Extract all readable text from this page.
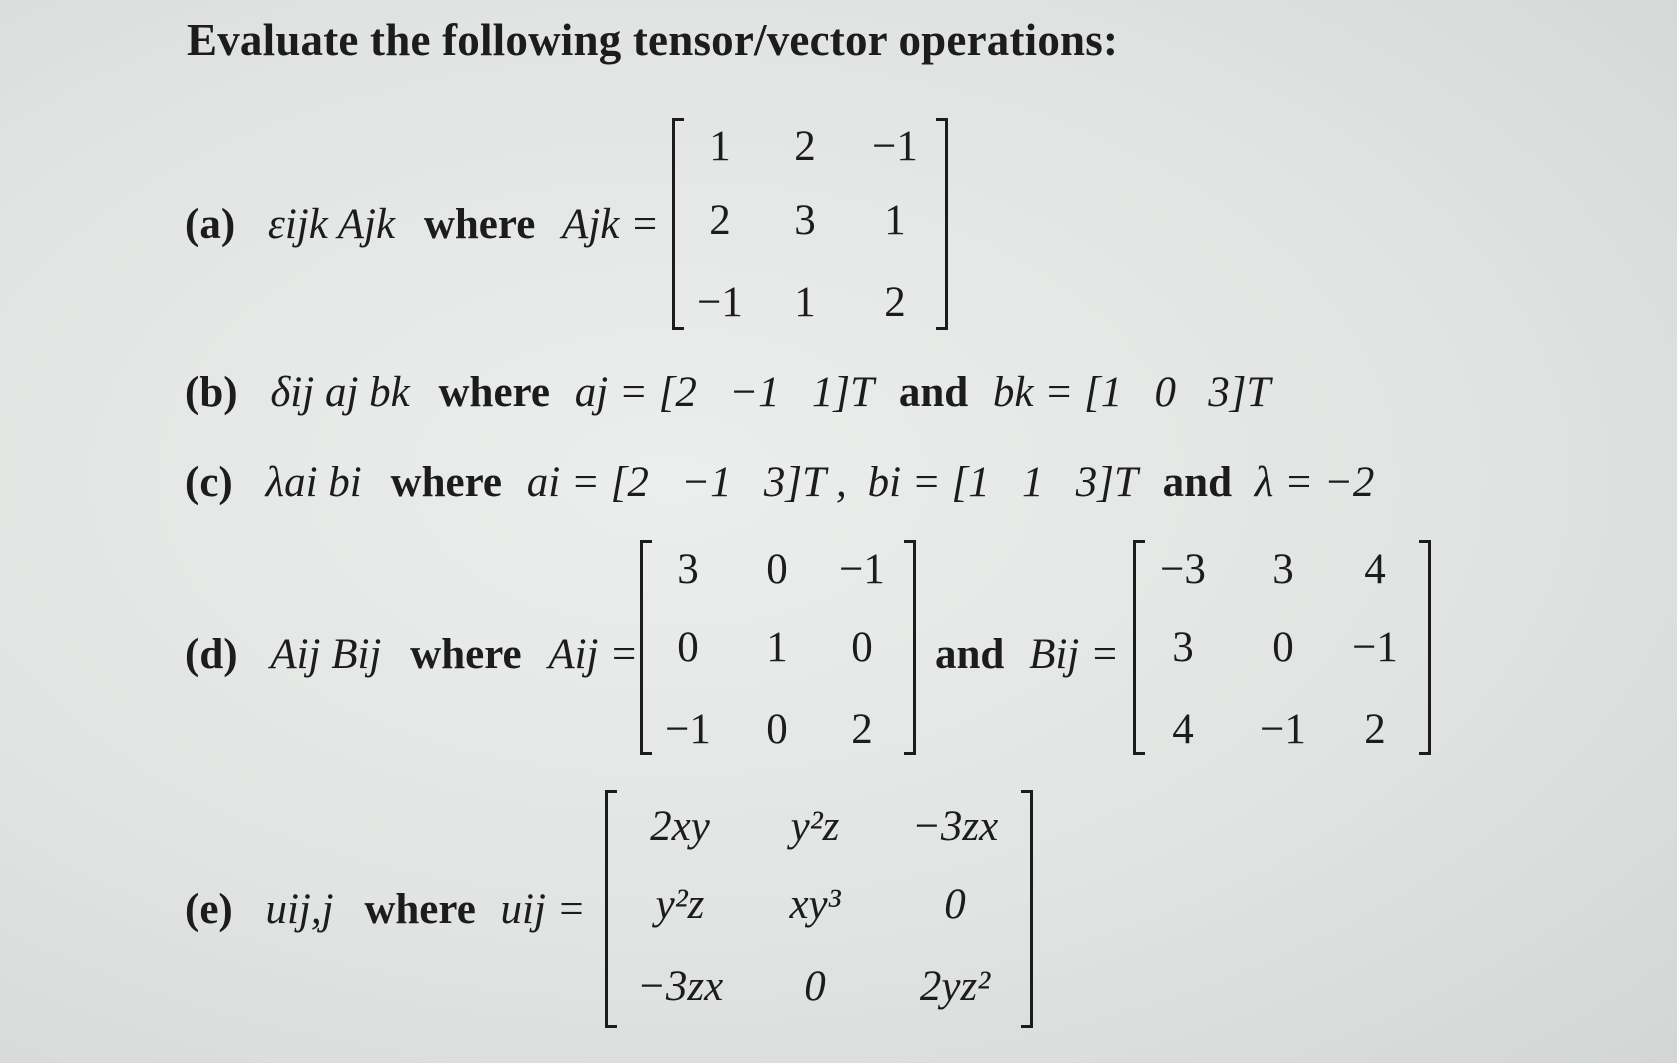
Evaluate the following tensor/vector operations:
(a) εijk Ajk where Ajk =
(b) δij aj bk where aj = [2   −1   1]T and bk = [1   0   3]T
(c) λai bi where ai = [2   −1   3]T , bi = [1   1   3]T and λ = −2
(d) Aij Bij where Aij =	and Bij =
(e) uij,j where uij =
1	2	−1
2	3	1
−1	1	2
3	0	−1
0	1	0
−1	0	2
−3	3	4
3	0	−1
4	−1	2
2xy	y²z	−3zx
y²z	xy³	0
−3zx	0	2yz²
